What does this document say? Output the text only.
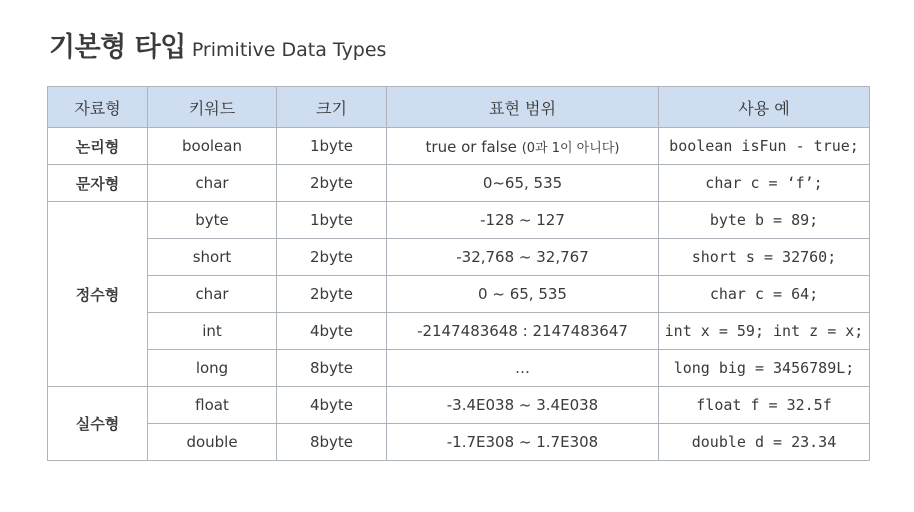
기본형 타입 Primitive Data Types
자료형	키워드	크기	표현 범위	사용 예
논리형	boolean	1byte	true or false (0과 1이 아니다)	boolean isFun - true;
문자형	char	2byte	0~65, 535	char c = ‘f’;
정수형	byte	1byte	-128 ~ 127	byte b = 89;
	short	2byte	-32,768 ~ 32,767	short s = 32760;
	char	2byte	0 ~ 65, 535	char c = 64;
	int	4byte	-2147483648 : 2147483647	int x = 59; int z = x;
	long	8byte	…	long big = 3456789L;
실수형	float	4byte	-3.4E038 ~ 3.4E038	float f = 32.5f
	double	8byte	-1.7E308 ~ 1.7E308	double d = 23.34
